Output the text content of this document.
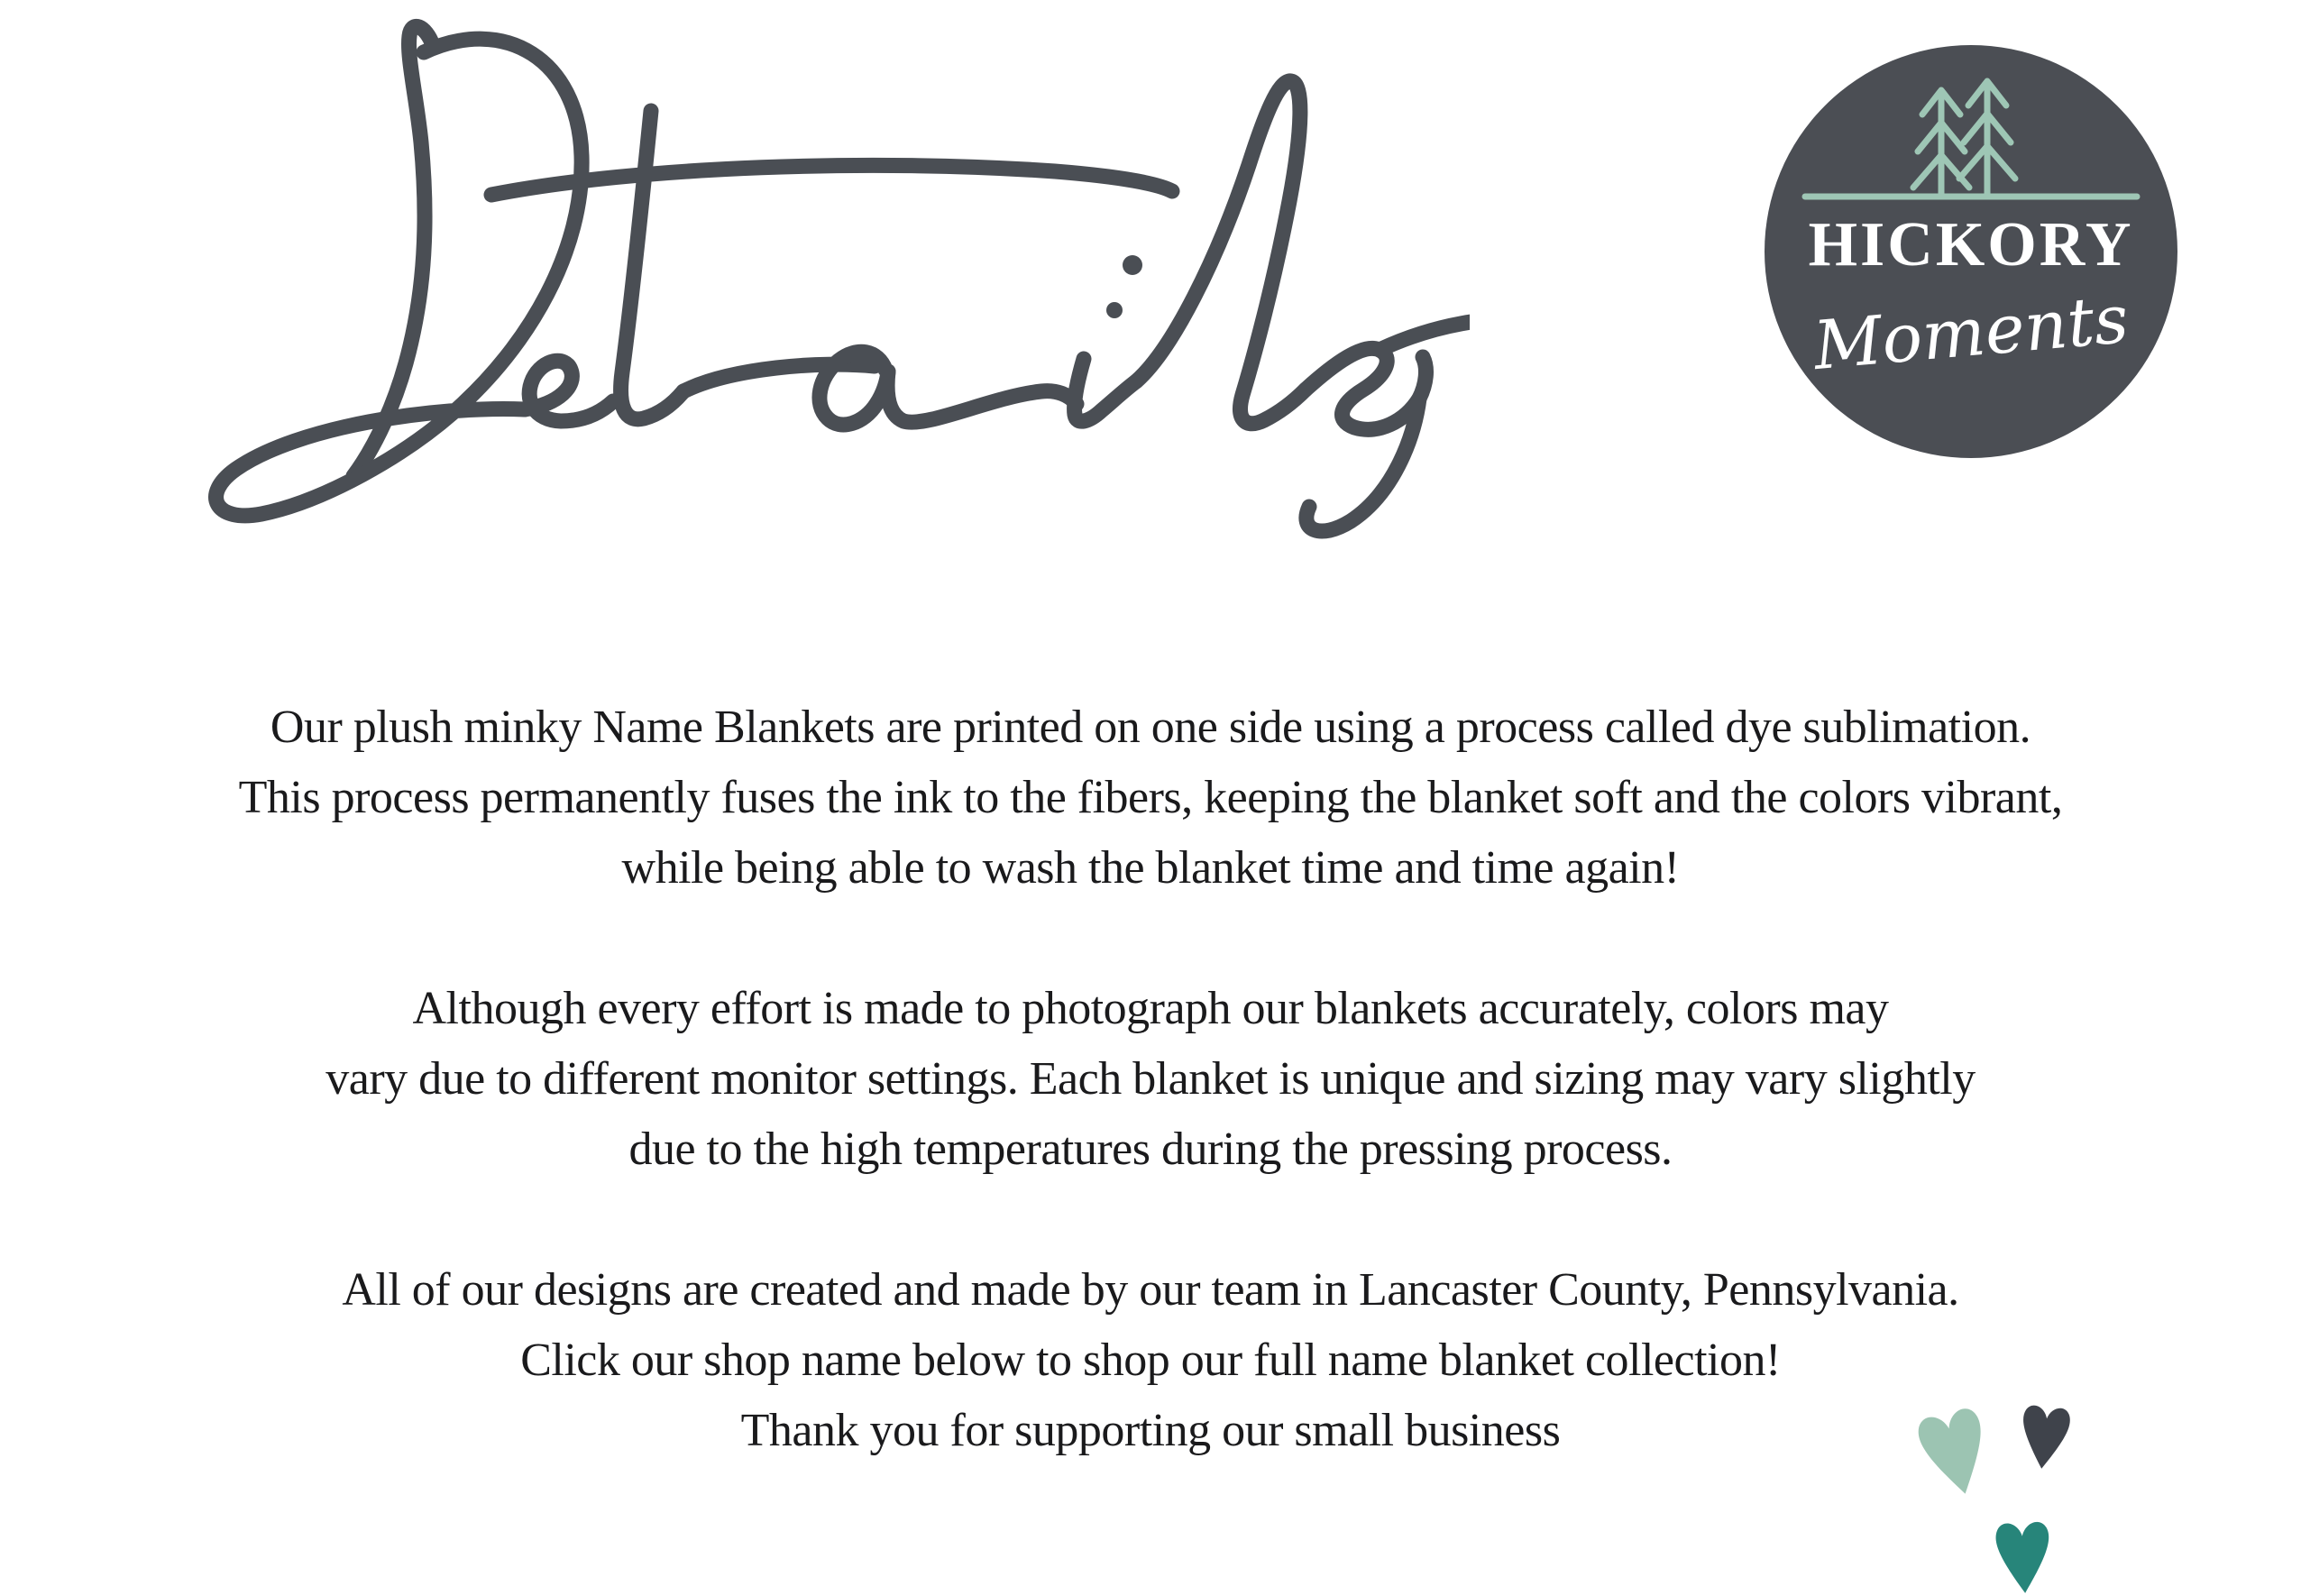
HICKORY
Moments

Our plush minky Name Blankets are printed on one side using a process called dye sublimation.
This process permanently fuses the ink to the fibers, keeping the blanket soft and the colors vibrant,
while being able to wash the blanket time and time again!

Although every effort is made to photograph our blankets accurately, colors may
vary due to different monitor settings. Each blanket is unique and sizing may vary slightly
due to the high temperatures during the pressing process.

All of our designs are created and made by our team in Lancaster County, Pennsylvania.
Click our shop name below to shop our full name blanket collection!
Thank you for supporting our small business
